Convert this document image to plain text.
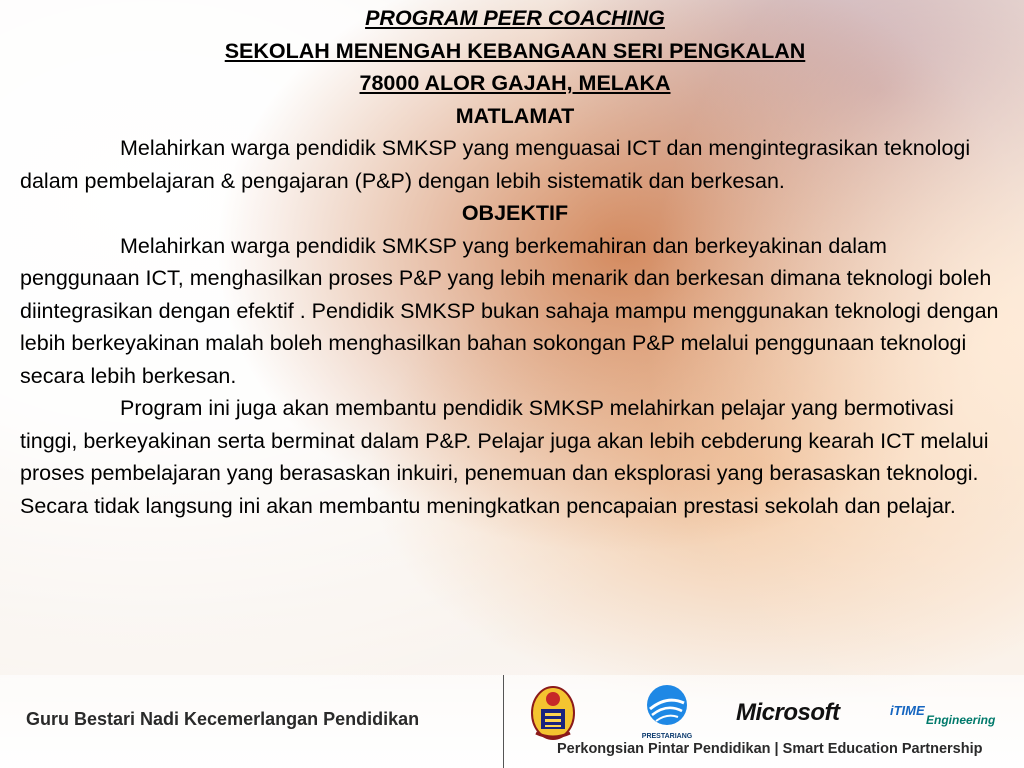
PROGRAM PEER COACHING
SEKOLAH MENENGAH KEBANGAAN SERI PENGKALAN
78000 ALOR GAJAH, MELAKA
MATLAMAT

Melahirkan warga pendidik SMKSP yang menguasai ICT dan mengintegrasikan teknologi dalam pembelajaran & pengajaran (P&P) dengan lebih sistematik dan berkesan.

OBJEKTIF

Melahirkan warga pendidik SMKSP yang berkemahiran dan berkeyakinan dalam penggunaan ICT, menghasilkan proses P&P yang lebih menarik dan berkesan dimana teknologi boleh diintegrasikan dengan efektif . Pendidik SMKSP bukan sahaja mampu menggunakan teknologi dengan lebih berkeyakinan malah boleh menghasilkan bahan sokongan P&P melalui penggunaan teknologi secara lebih berkesan.

Program ini juga akan membantu pendidik SMKSP melahirkan pelajar yang bermotivasi tinggi, berkeyakinan serta berminat dalam P&P. Pelajar juga akan lebih cebderung kearah ICT melalui proses pembelajaran yang berasaskan inkuiri, penemuan dan eksplorasi yang berasaskan teknologi. Secara tidak langsung ini akan membantu meningkatkan pencapaian prestasi sekolah dan pelajar.

Guru Bestari Nadi Kecemerlangan Pendidikan
PRESTARIANG
Microsoft	iTIME
Engineering
Perkongsian Pintar Pendidikan | Smart Education Partnership
